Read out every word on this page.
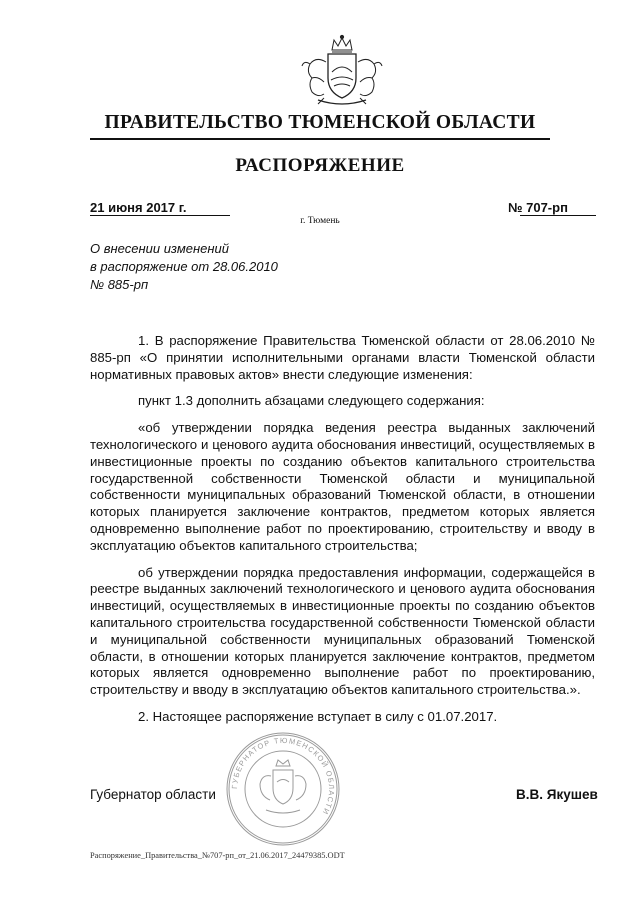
ПРАВИТЕЛЬСТВО ТЮМЕНСКОЙ ОБЛАСТИ
РАСПОРЯЖЕНИЕ
21 июня 2017 г.	№ 707-рп
г. Тюмень
О внесении изменений
в распоряжение от 28.06.2010
№ 885-рп

1. В распоряжение Правительства Тюменской области от 28.06.2010 № 885-рп «О принятии исполнительными органами власти Тюменской области нормативных правовых актов» внести следующие изменения:

пункт 1.3 дополнить абзацами следующего содержания:

«об утверждении порядка ведения реестра выданных заключений технологического и ценового аудита обоснования инвестиций, осуществляемых в инвестиционные проекты по созданию объектов капитального строительства государственной собственности Тюменской области и муниципальной собственности муниципальных образований Тюменской области, в отношении которых планируется заключение контрактов, предметом которых является одновременно выполнение работ по проектированию, строительству и вводу в эксплуатацию объектов капитального строительства;

об утверждении порядка предоставления информации, содержащейся в реестре выданных заключений технологического и ценового аудита обоснования инвестиций, осуществляемых в инвестиционные проекты по созданию объектов капитального строительства государственной собственности Тюменской области и муниципальной собственности муниципальных образований Тюменской области, в отношении которых планируется заключение контрактов, предметом которых является одновременно выполнение работ по проектированию, строительству и вводу в эксплуатацию объектов капитального строительства.».

2. Настоящее распоряжение вступает в силу с 01.07.2017.

ГУБЕРНАТОР ТЮМЕНСКОЙ ОБЛАСТИ
Губернатор области	В.В. Якушев
Распоряжение_Правительства_№707-рп_от_21.06.2017_24479385.ODT
